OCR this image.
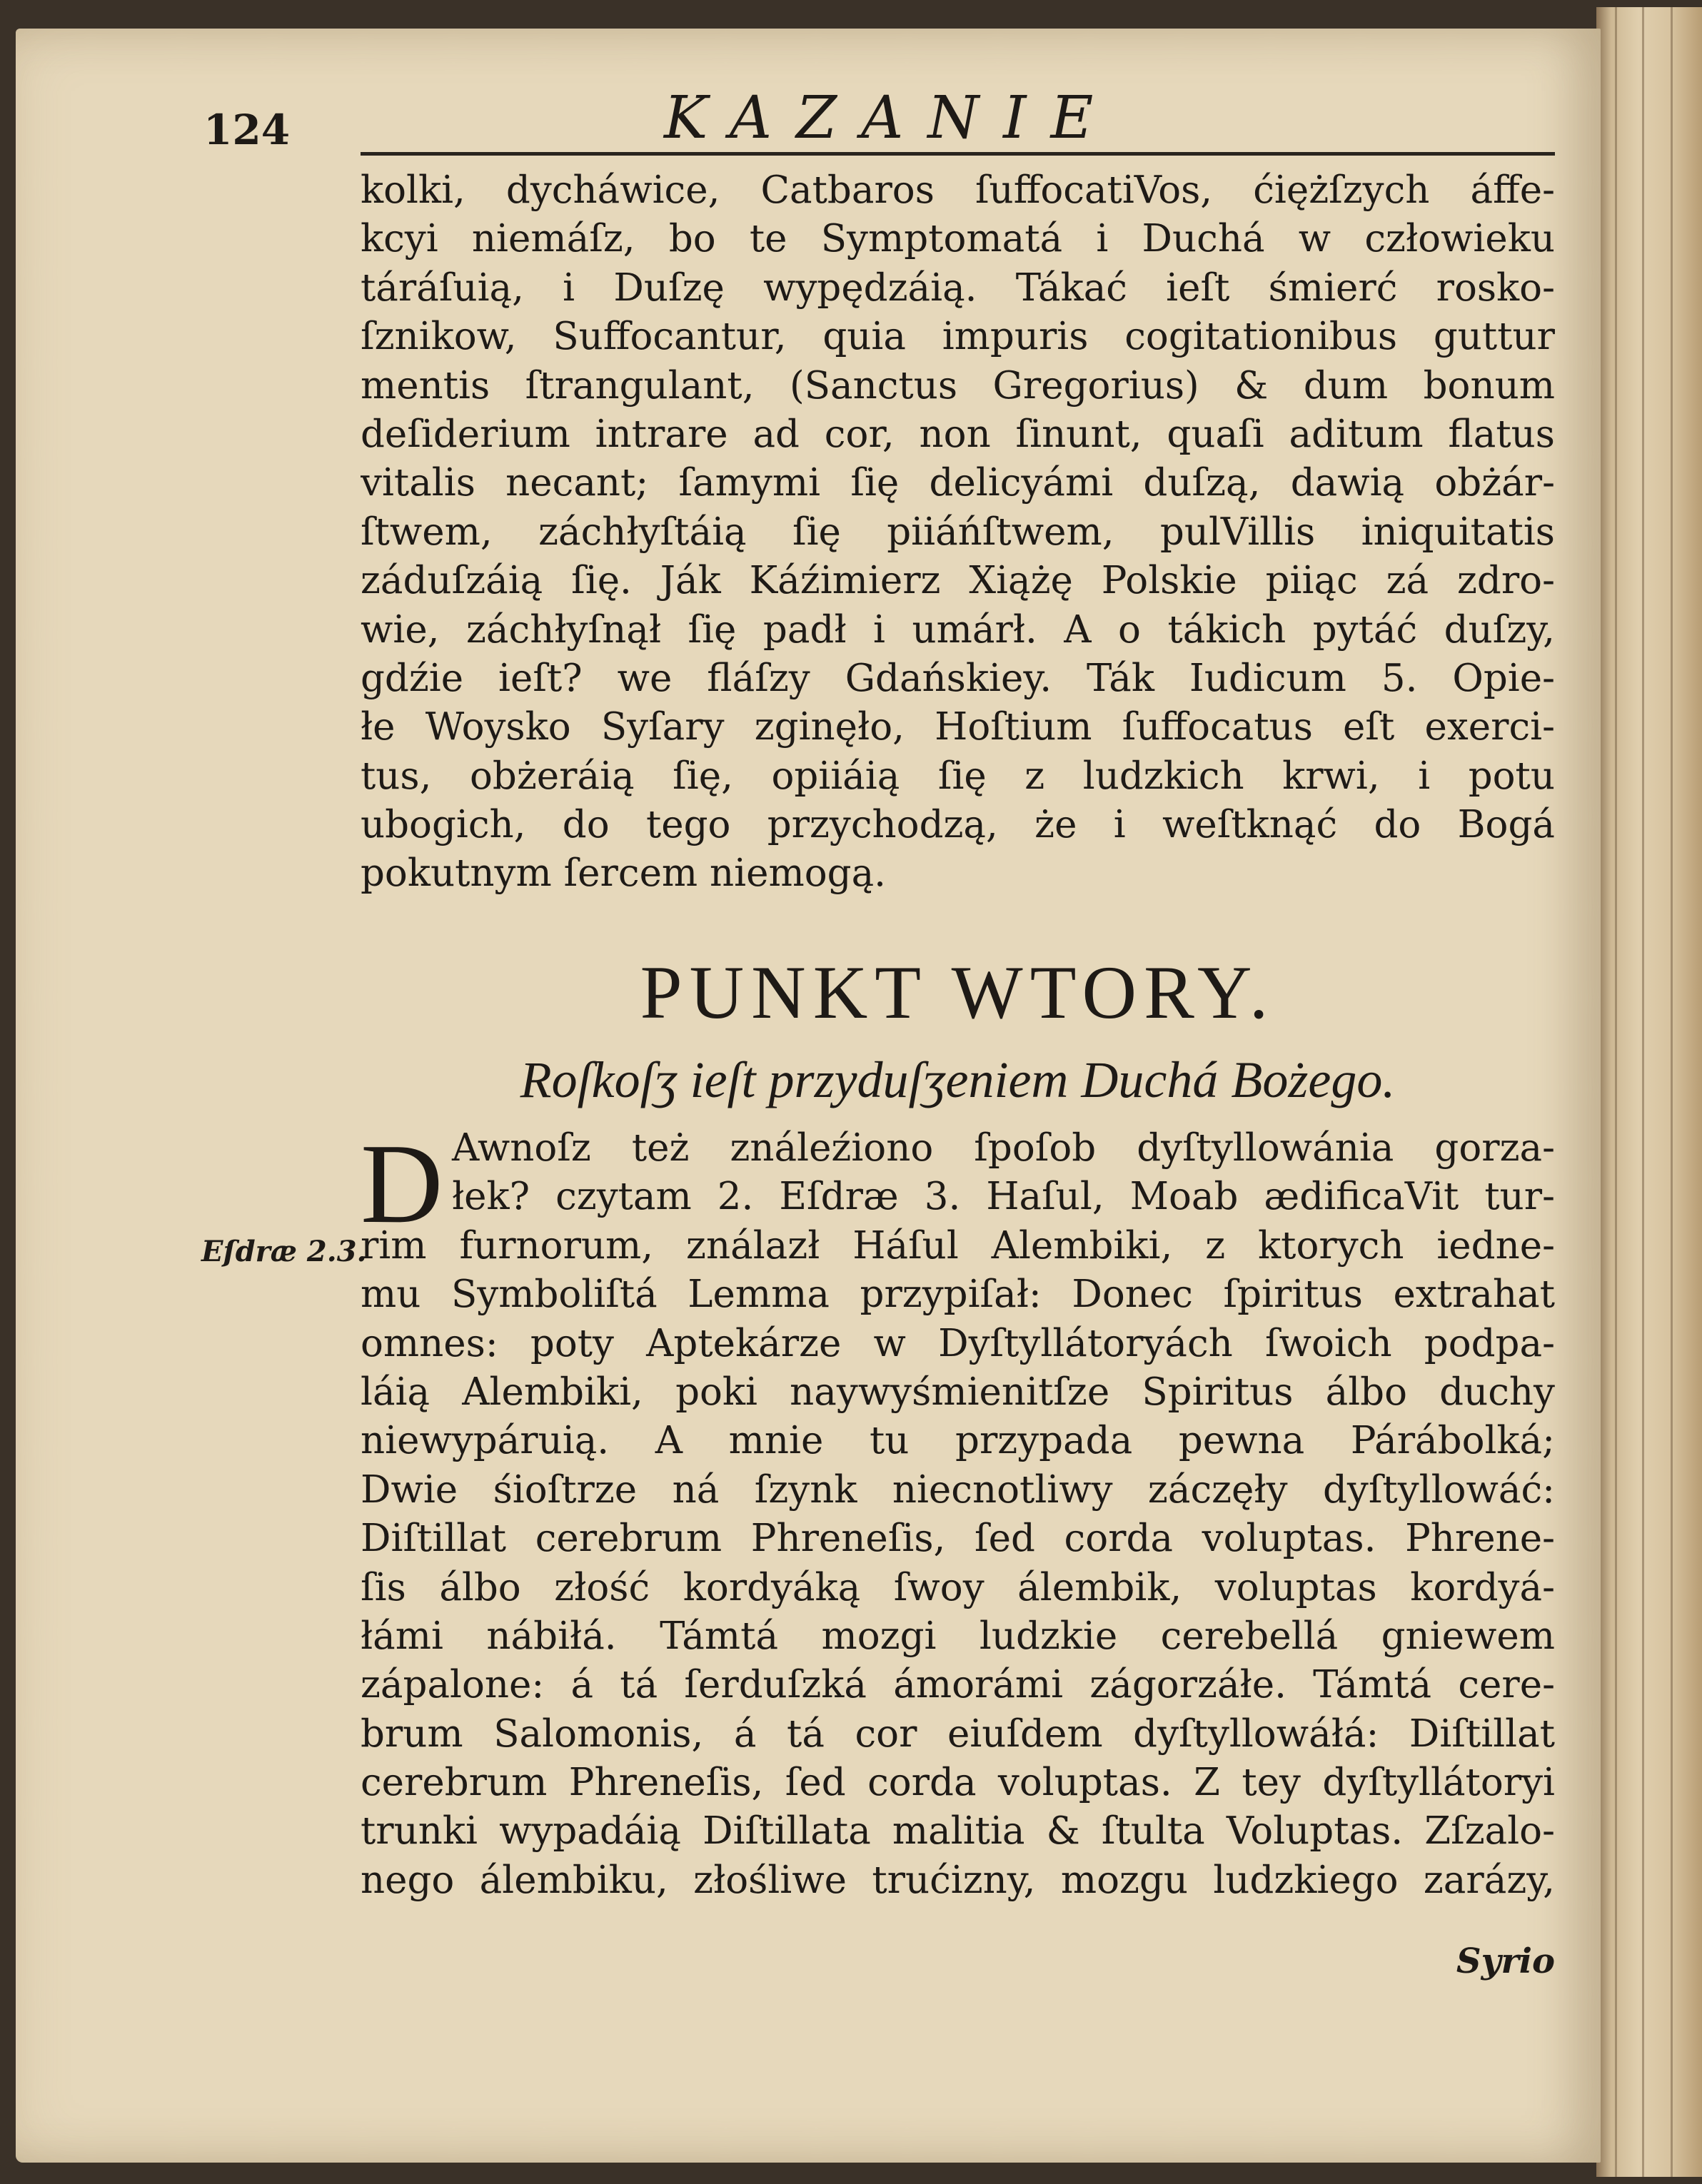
124	KAZANIE
kolki, dycháwice, Catbaros ſuffocatiVos, ćiężſzych áffe-
kcyi niemáſz, bo te Symptomatá i Duchá w człowieku
táráſuią, i Duſzę wypędzáią. Tákać ieſt śmierć rosko-
ſznikow, Suffocantur, quia impuris cogitationibus guttur
mentis ſtrangulant, (Sanctus Gregorius) & dum bonum
deſiderium intrare ad cor, non ſinunt, quaſi aditum flatus
vitalis necant; ſamymi ſię delicyámi duſzą, dawią obżár-
ſtwem, záchłyſtáią ſię piiáńſtwem, pulVillis iniquitatis
záduſzáią ſię. Ják Káźimierz Xiążę Polskie piiąc zá zdro-
wie, záchłyſnął ſię padł i umárł. A o tákich pytáć duſzy,
gdźie ieſt? we fláſzy Gdańskiey. Ták Iudicum 5. Opie-
łe Woysko Syſary zginęło, Hoſtium ſuffocatus eſt exerci-
tus, obżeráią ſię, opiiáią ſię z ludzkich krwi, i potu
ubogich, do tego przychodzą, że i weſtknąć do Bogá
pokutnym ſercem niemogą.
PUNKT WTORY.
Roſkoſʒ ieſt przyduſʒeniem Duchá Bożego.
D
Eſdræ 2.3.
Awnoſz też ználeźiono ſpoſob dyſtyllowánia gorza-
łek? czytam 2. Eſdræ 3. Haſul, Moab ædificaVit tur-
rim furnorum, ználazł Háſul Alembiki, z ktorych iedne-
mu Symboliſtá Lemma przypiſał: Donec ſpiritus extrahat
omnes: poty Aptekárze w Dyſtyllátoryách ſwoich podpa-
láią Alembiki, poki naywyśmienitſze Spiritus álbo duchy
niewypáruią. A mnie tu przypada pewna Párábolká;
Dwie śioſtrze ná ſzynk niecnotliwy záczęły dyſtyllowáć:
Diſtillat cerebrum Phreneſis, ſed corda voluptas. Phrene-
ſis álbo złość kordyáką ſwoy álembik, voluptas kordyá-
łámi nábiłá. Támtá mozgi ludzkie cerebellá gniewem
zápalone: á tá ſerduſzká ámorámi zágorzáłe. Támtá cere-
brum Salomonis, á tá cor eiuſdem dyſtyllowáłá: Diſtillat
cerebrum Phreneſis, ſed corda voluptas. Z tey dyſtyllátoryi
trunki wypadáią Diſtillata malitia & ſtulta Voluptas. Zſzalo-
nego álembiku, złośliwe trućizny, mozgu ludzkiego zarázy,
Syrio
